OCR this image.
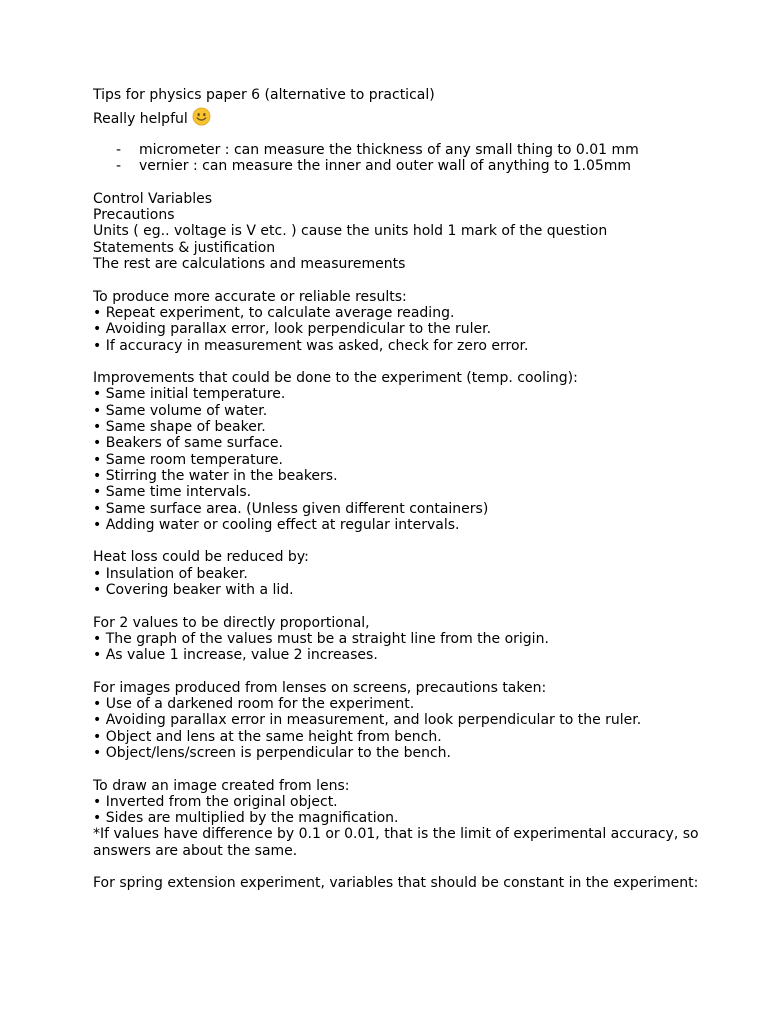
Tips for physics paper 6 (alternative to practical)
Really helpful
-	micrometer : can measure the thickness of any small thing to 0.01 mm
-	vernier : can measure the inner and outer wall of anything to 1.05mm
Control Variables
Precautions
Units ( eg.. voltage is V etc. ) cause the units hold 1 mark of the question
Statements & justification
The rest are calculations and measurements
To produce more accurate or reliable results:
• Repeat experiment, to calculate average reading.
• Avoiding parallax error, look perpendicular to the ruler.
• If accuracy in measurement was asked, check for zero error.
Improvements that could be done to the experiment (temp. cooling):
• Same initial temperature.
• Same volume of water.
• Same shape of beaker.
• Beakers of same surface.
• Same room temperature.
• Stirring the water in the beakers.
• Same time intervals.
• Same surface area. (Unless given different containers)
• Adding water or cooling effect at regular intervals.
Heat loss could be reduced by:
• Insulation of beaker.
• Covering beaker with a lid.
For 2 values to be directly proportional,
• The graph of the values must be a straight line from the origin.
• As value 1 increase, value 2 increases.
For images produced from lenses on screens, precautions taken:
• Use of a darkened room for the experiment.
• Avoiding parallax error in measurement, and look perpendicular to the ruler.
• Object and lens at the same height from bench.
• Object/lens/screen is perpendicular to the bench.
To draw an image created from lens:
• Inverted from the original object.
• Sides are multiplied by the magnification.
*If values have difference by 0.1 or 0.01, that is the limit of experimental accuracy, so answers are about the same.
For spring extension experiment, variables that should be constant in the experiment:
